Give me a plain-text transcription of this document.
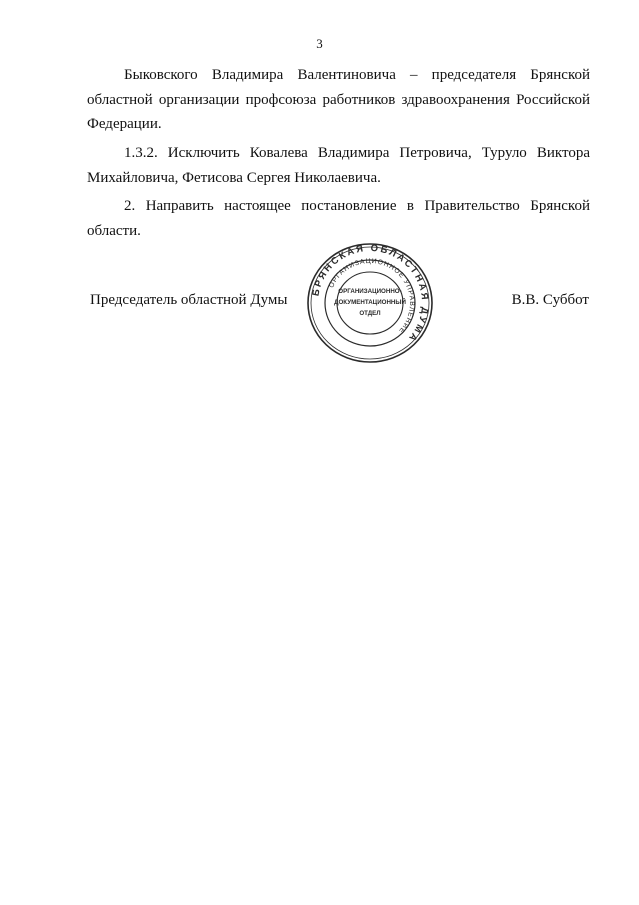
3

Быковского Владимира Валентиновича – председателя Брянской
областной организации профсоюза работников здравоохранения Российской
Федерации.

1.3.2. Исключить Ковалева Владимира Петровича, Туруло Виктора
Михайловича, Фетисова Сергея Николаевича.

2. Направить настоящее постановление в Правительство Брянской
области.

Председатель областной Думы
БРЯНСКАЯ ОБЛАСТНАЯ ДУМА
ОРГАНИЗАЦИОННОЕ УПРАВЛЕНИЕ
ОРГАНИЗАЦИОННО-
ДОКУМЕНТАЦИОННЫЙ
ОТДЕЛ
В.В. Суббот
